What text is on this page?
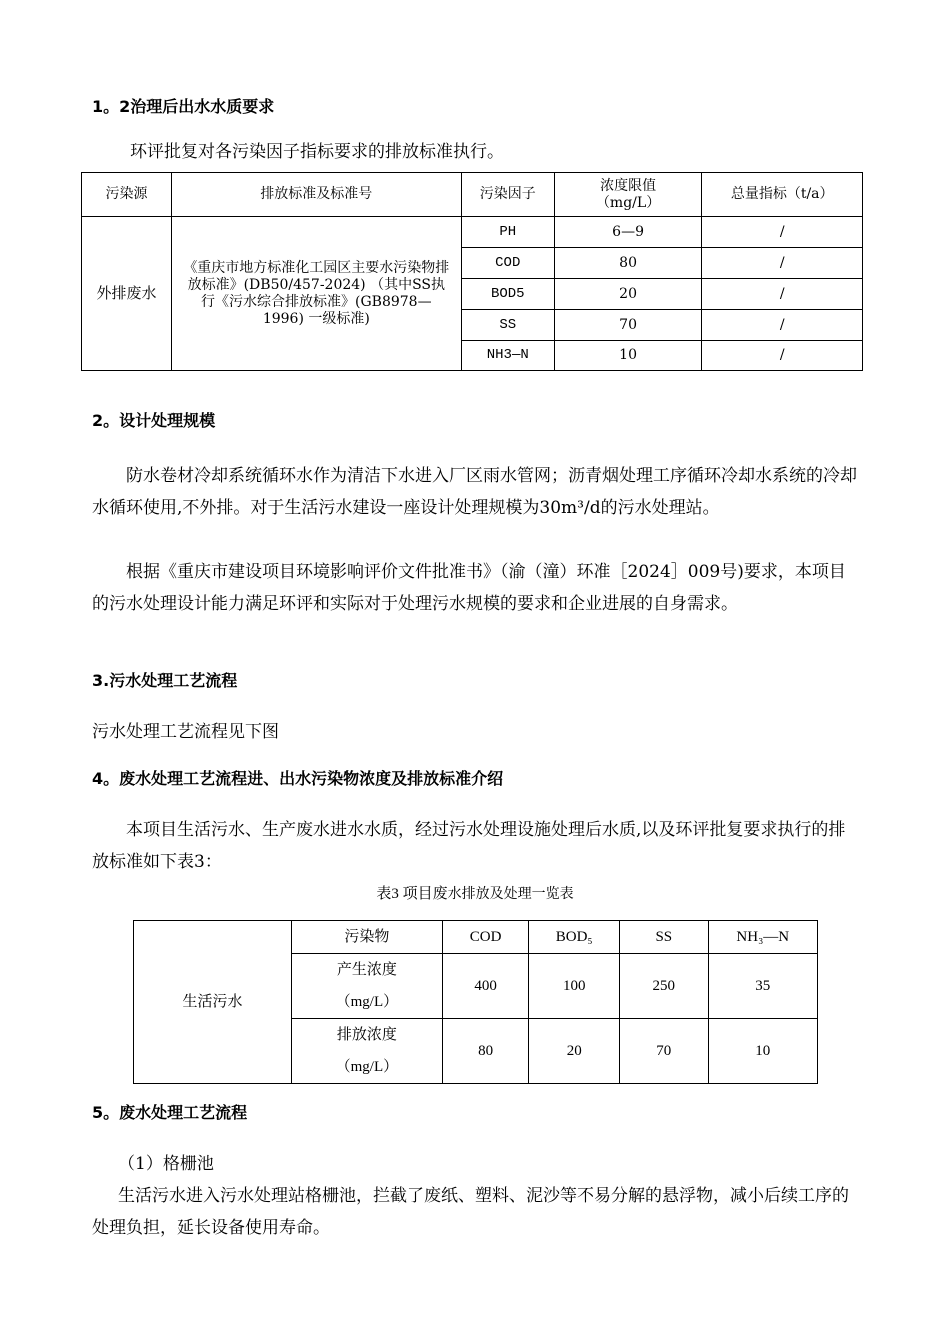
1。2治理后出水水质要求

环评批复对各污染因子指标要求的排放标准执行。

污染源	排放标准及标准号	污染因子	浓度限值（mg/L）	总量指标（t/a）
外排废水	《重庆市地方标准化工园区主要水污染物排放标准》(DB50/457-2024) （其中SS执行《污水综合排放标准》(GB8978—1996) 一级标准)	PH	6—9	/
		COD	80	/
		BOD5	20	/
		SS	70	/
		NH3—N	10	/
2。设计处理规模

防水卷材冷却系统循环水作为清洁下水进入厂区雨水管网；沥青烟处理工序循环冷却水系统的冷却水循环使用,不外排。对于生活污水建设一座设计处理规模为30m³/d的污水处理站。

根据《重庆市建设项目环境影响评价文件批准书》（渝（潼）环准［2024］009号)要求，本项目的污水处理设计能力满足环评和实际对于处理污水规模的要求和企业进展的自身需求。

3.污水处理工艺流程

污水处理工艺流程见下图

4。废水处理工艺流程进、出水污染物浓度及排放标准介绍

本项目生活污水、生产废水进水水质，经过污水处理设施处理后水质,以及环评批复要求执行的排放标准如下表3：

表3 项目废水排放及处理一览表
生活污水	污染物	COD	BOD₅	SS	NH₃—N
	产生浓度（mg/L）	400	100	250	35
	排放浓度（mg/L）	80	20	70	10
5。废水处理工艺流程

（1）格栅池

生活污水进入污水处理站格栅池，拦截了废纸、塑料、泥沙等不易分解的悬浮物，减小后续工序的处理负担，延长设备使用寿命。
